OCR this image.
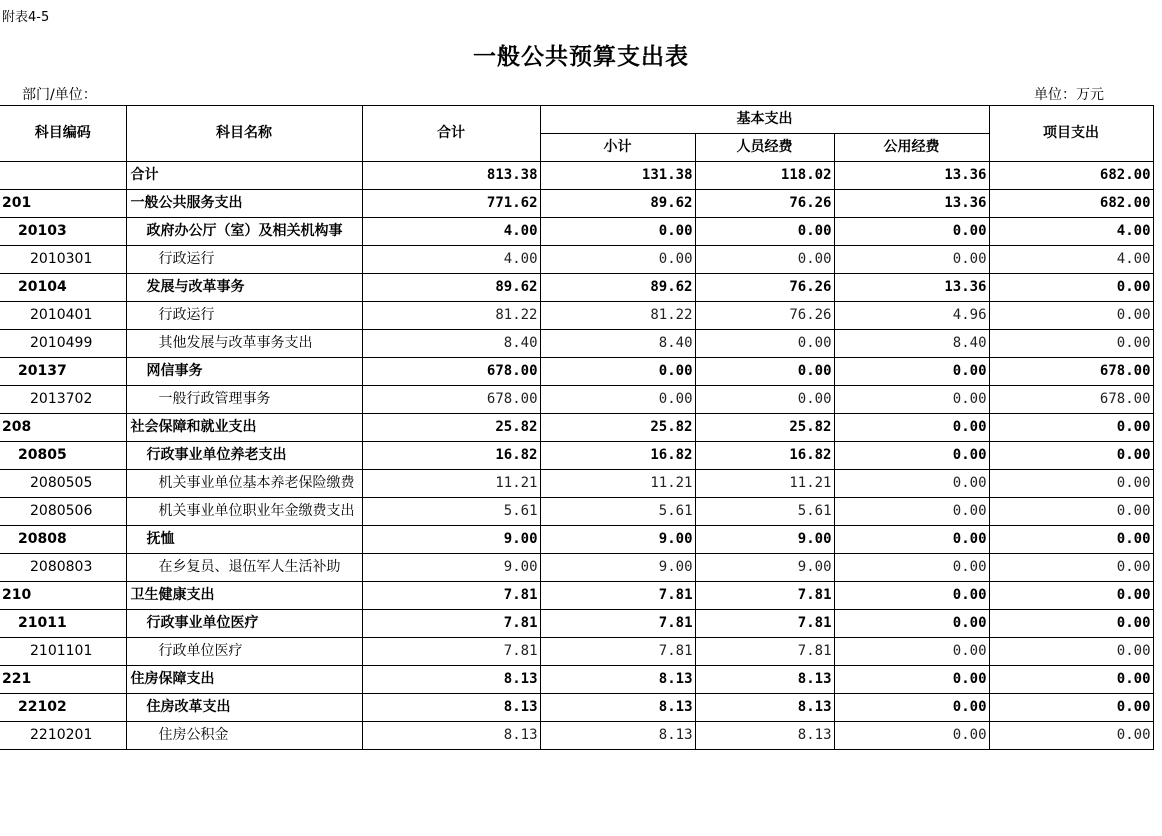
附表4-5
一般公共预算支出表
部门/单位：	单位：万元
科目编码	科目名称	合计	基本支出			项目支出
			小计	人员经费	公用经费	
	合计	813.38	131.38	118.02	13.36	682.00
201	一般公共服务支出	771.62	89.62	76.26	13.36	682.00
20103	政府办公厅（室）及相关机构事	4.00	0.00	0.00	0.00	4.00
2010301	行政运行	4.00	0.00	0.00	0.00	4.00
20104	发展与改革事务	89.62	89.62	76.26	13.36	0.00
2010401	行政运行	81.22	81.22	76.26	4.96	0.00
2010499	其他发展与改革事务支出	8.40	8.40	0.00	8.40	0.00
20137	网信事务	678.00	0.00	0.00	0.00	678.00
2013702	一般行政管理事务	678.00	0.00	0.00	0.00	678.00
208	社会保障和就业支出	25.82	25.82	25.82	0.00	0.00
20805	行政事业单位养老支出	16.82	16.82	16.82	0.00	0.00
2080505	机关事业单位基本养老保险缴费	11.21	11.21	11.21	0.00	0.00
2080506	机关事业单位职业年金缴费支出	5.61	5.61	5.61	0.00	0.00
20808	抚恤	9.00	9.00	9.00	0.00	0.00
2080803	在乡复员、退伍军人生活补助	9.00	9.00	9.00	0.00	0.00
210	卫生健康支出	7.81	7.81	7.81	0.00	0.00
21011	行政事业单位医疗	7.81	7.81	7.81	0.00	0.00
2101101	行政单位医疗	7.81	7.81	7.81	0.00	0.00
221	住房保障支出	8.13	8.13	8.13	0.00	0.00
22102	住房改革支出	8.13	8.13	8.13	0.00	0.00
2210201	住房公积金	8.13	8.13	8.13	0.00	0.00
